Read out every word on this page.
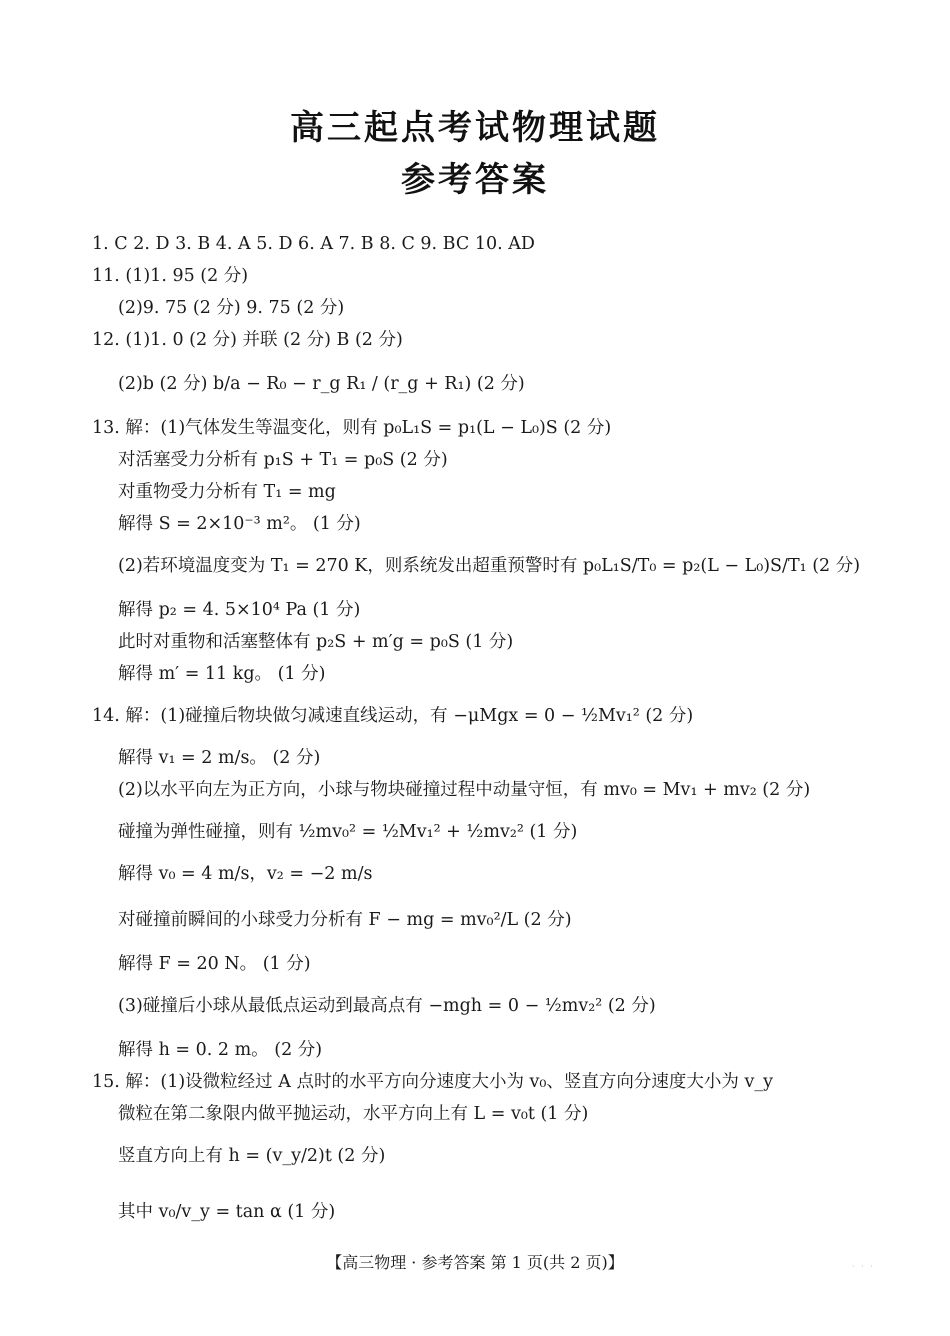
高三起点考试物理试题
参考答案
1. C 2. D 3. B 4. A 5. D 6. A 7. B 8. C 9. BC 10. AD
11. (1)1. 95 (2 分)
(2)9. 75 (2 分) 9. 75 (2 分)
12. (1)1. 0 (2 分) 并联 (2 分) B (2 分)
(2)b (2 分) b/a − R₀ − r_g R₁ / (r_g + R₁) (2 分)
13. 解：(1)气体发生等温变化，则有 p₀L₁S = p₁(L − L₀)S (2 分)
对活塞受力分析有 p₁S + T₁ = p₀S (2 分)
对重物受力分析有 T₁ = mg
解得 S = 2×10⁻³ m²。 (1 分)
(2)若环境温度变为 T₁ = 270 K，则系统发出超重预警时有 p₀L₁S/T₀ = p₂(L − L₀)S/T₁ (2 分)
解得 p₂ = 4. 5×10⁴ Pa (1 分)
此时对重物和活塞整体有 p₂S + m′g = p₀S (1 分)
解得 m′ = 11 kg。 (1 分)
14. 解：(1)碰撞后物块做匀减速直线运动，有 −μMgx = 0 − ½Mv₁² (2 分)
解得 v₁ = 2 m/s。 (2 分)
(2)以水平向左为正方向，小球与物块碰撞过程中动量守恒，有 mv₀ = Mv₁ + mv₂ (2 分)
碰撞为弹性碰撞，则有 ½mv₀² = ½Mv₁² + ½mv₂² (1 分)
解得 v₀ = 4 m/s，v₂ = −2 m/s
对碰撞前瞬间的小球受力分析有 F − mg = mv₀²/L (2 分)
解得 F = 20 N。 (1 分)
(3)碰撞后小球从最低点运动到最高点有 −mgh = 0 − ½mv₂² (2 分)
解得 h = 0. 2 m。 (2 分)
15. 解：(1)设微粒经过 A 点时的水平方向分速度大小为 v₀、竖直方向分速度大小为 v_y
微粒在第二象限内做平抛运动，水平方向上有 L = v₀t (1 分)
竖直方向上有 h = (v_y/2)t (2 分)
其中 v₀/v_y = tan α (1 分)
【高三物理 · 参考答案 第 1 页(共 2 页)】	· · ·
